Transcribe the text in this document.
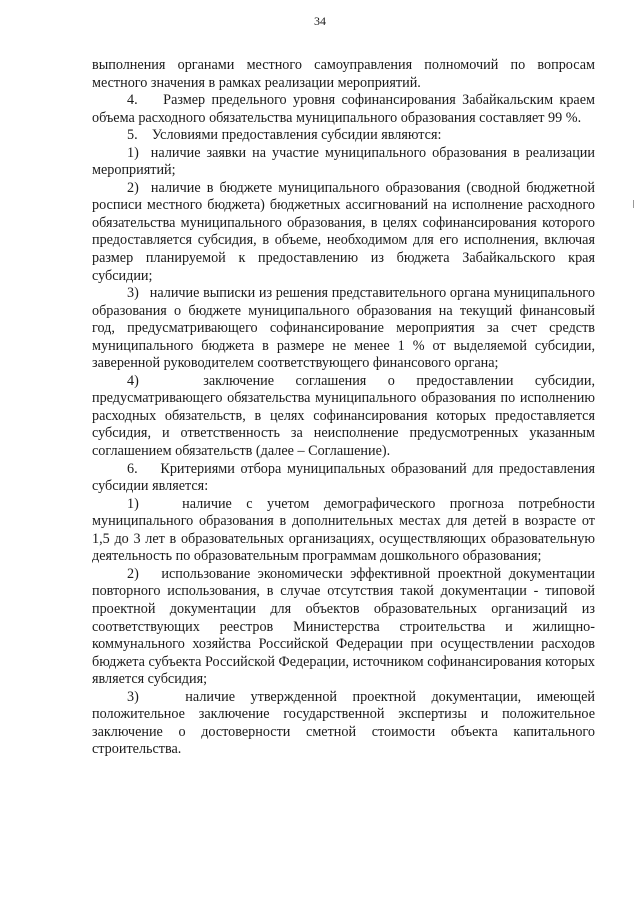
34

выполнения органами местного самоуправления полномочий по вопросам местного значения в рамках реализации мероприятий.

4.    Размер предельного уровня софинансирования Забайкальским краем объема расходного обязательства муниципального образования составляет 99 %.

5.    Условиями предоставления субсидии являются:

1)  наличие заявки на участие муниципального образования в реализации мероприятий;

2)  наличие в бюджете муниципального образования (сводной бюджетной росписи местного бюджета) бюджетных ассигнований на исполнение расходного обязательства муниципального образования, в целях софинансирования которого предоставляется субсидия, в объеме, необходимом для его исполнения, включая размер планируемой к предоставлению из бюджета Забайкальского края субсидии;

3)   наличие выписки из решения представительного органа муниципального образования о бюджете муниципального образования на текущий финансовый год, предусматривающего софинансирование мероприятия за счет средств муниципального бюджета в размере не менее 1 % от выделяемой субсидии, заверенной руководителем соответствующего финансового органа;

4)   заключение соглашения о предоставлении субсидии, предусматривающего обязательства муниципального образования по исполнению расходных обязательств, в целях софинансирования которых предоставляется субсидия, и ответственность за неисполнение предусмотренных указанным соглашением обязательств (далее – Соглашение).

6.    Критериями отбора муниципальных образований для предоставления субсидии является:

1)   наличие с учетом демографического прогноза потребности муниципального образования в дополнительных местах для детей в возрасте от 1,5 до 3 лет в образовательных организациях, осуществляющих образовательную деятельность по образовательным программам дошкольного образования;

2)   использование экономически эффективной проектной документации повторного использования, в случае отсутствия такой документации - типовой проектной документации для объектов образовательных организаций из соответствующих реестров Министерства строительства и жилищно-коммунального хозяйства Российской Федерации при осуществлении расходов бюджета субъекта Российской Федерации, источником софинансирования которых является субсидия;

3)   наличие утвержденной проектной документации, имеющей положительное заключение государственной экспертизы и положительное заключение о достоверности сметной стоимости объекта капитального строительства.
